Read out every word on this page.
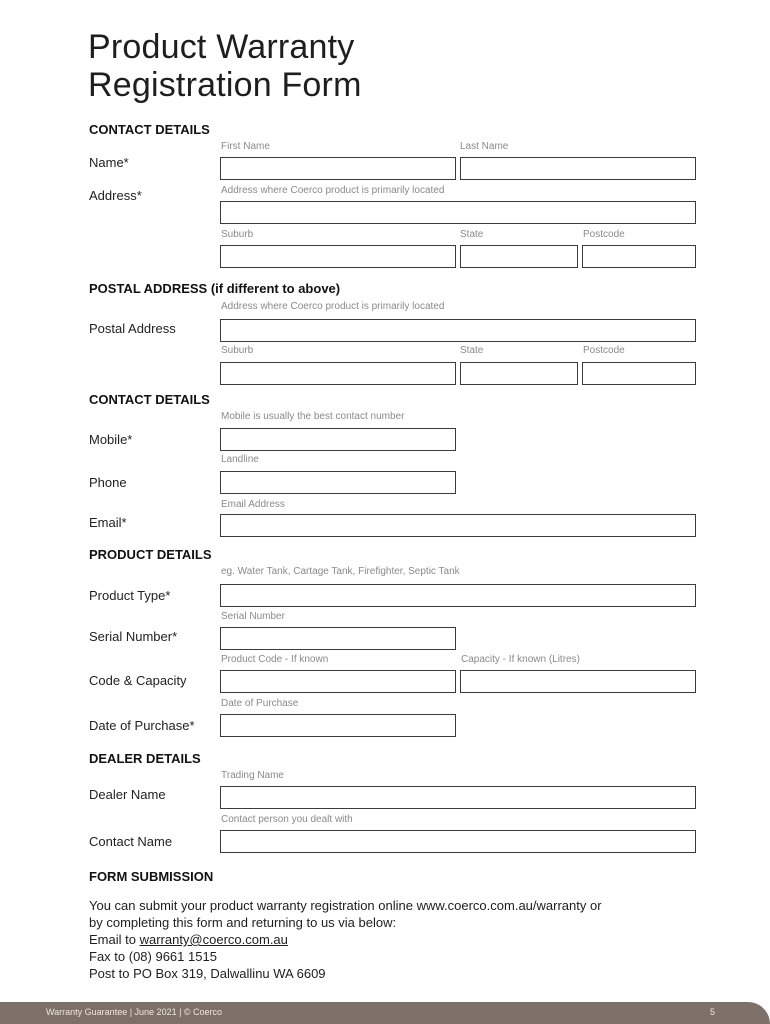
Product Warranty
Registration Form
CONTACT DETAILS
First Name	Last Name
Name*
Address*	Address where Coerco product is primarily located
Suburb	State	Postcode
POSTAL ADDRESS (if different to above)
Address where Coerco product is primarily located
Postal Address
Suburb	State	Postcode
CONTACT DETAILS
Mobile is usually the best contact number
Mobile*
Landline
Phone
Email Address
Email*
PRODUCT DETAILS
eg. Water Tank, Cartage Tank, Firefighter, Septic Tank
Product Type*
Serial Number
Serial Number*
Product Code - If known	Capacity - If known (Litres)
Code & Capacity
Date of Purchase
Date of Purchase*
DEALER DETAILS
Trading Name
Dealer Name
Contact person you dealt with
Contact Name
FORM SUBMISSION
You can submit your product warranty registration online www.coerco.com.au/warranty or
by completing this form and returning to us via below:
Email to warranty@coerco.com.au
Fax to (08) 9661 1515
Post to PO Box 319, Dalwallinu WA 6609
Warranty Guarantee | June 2021 | © Coerco	5
